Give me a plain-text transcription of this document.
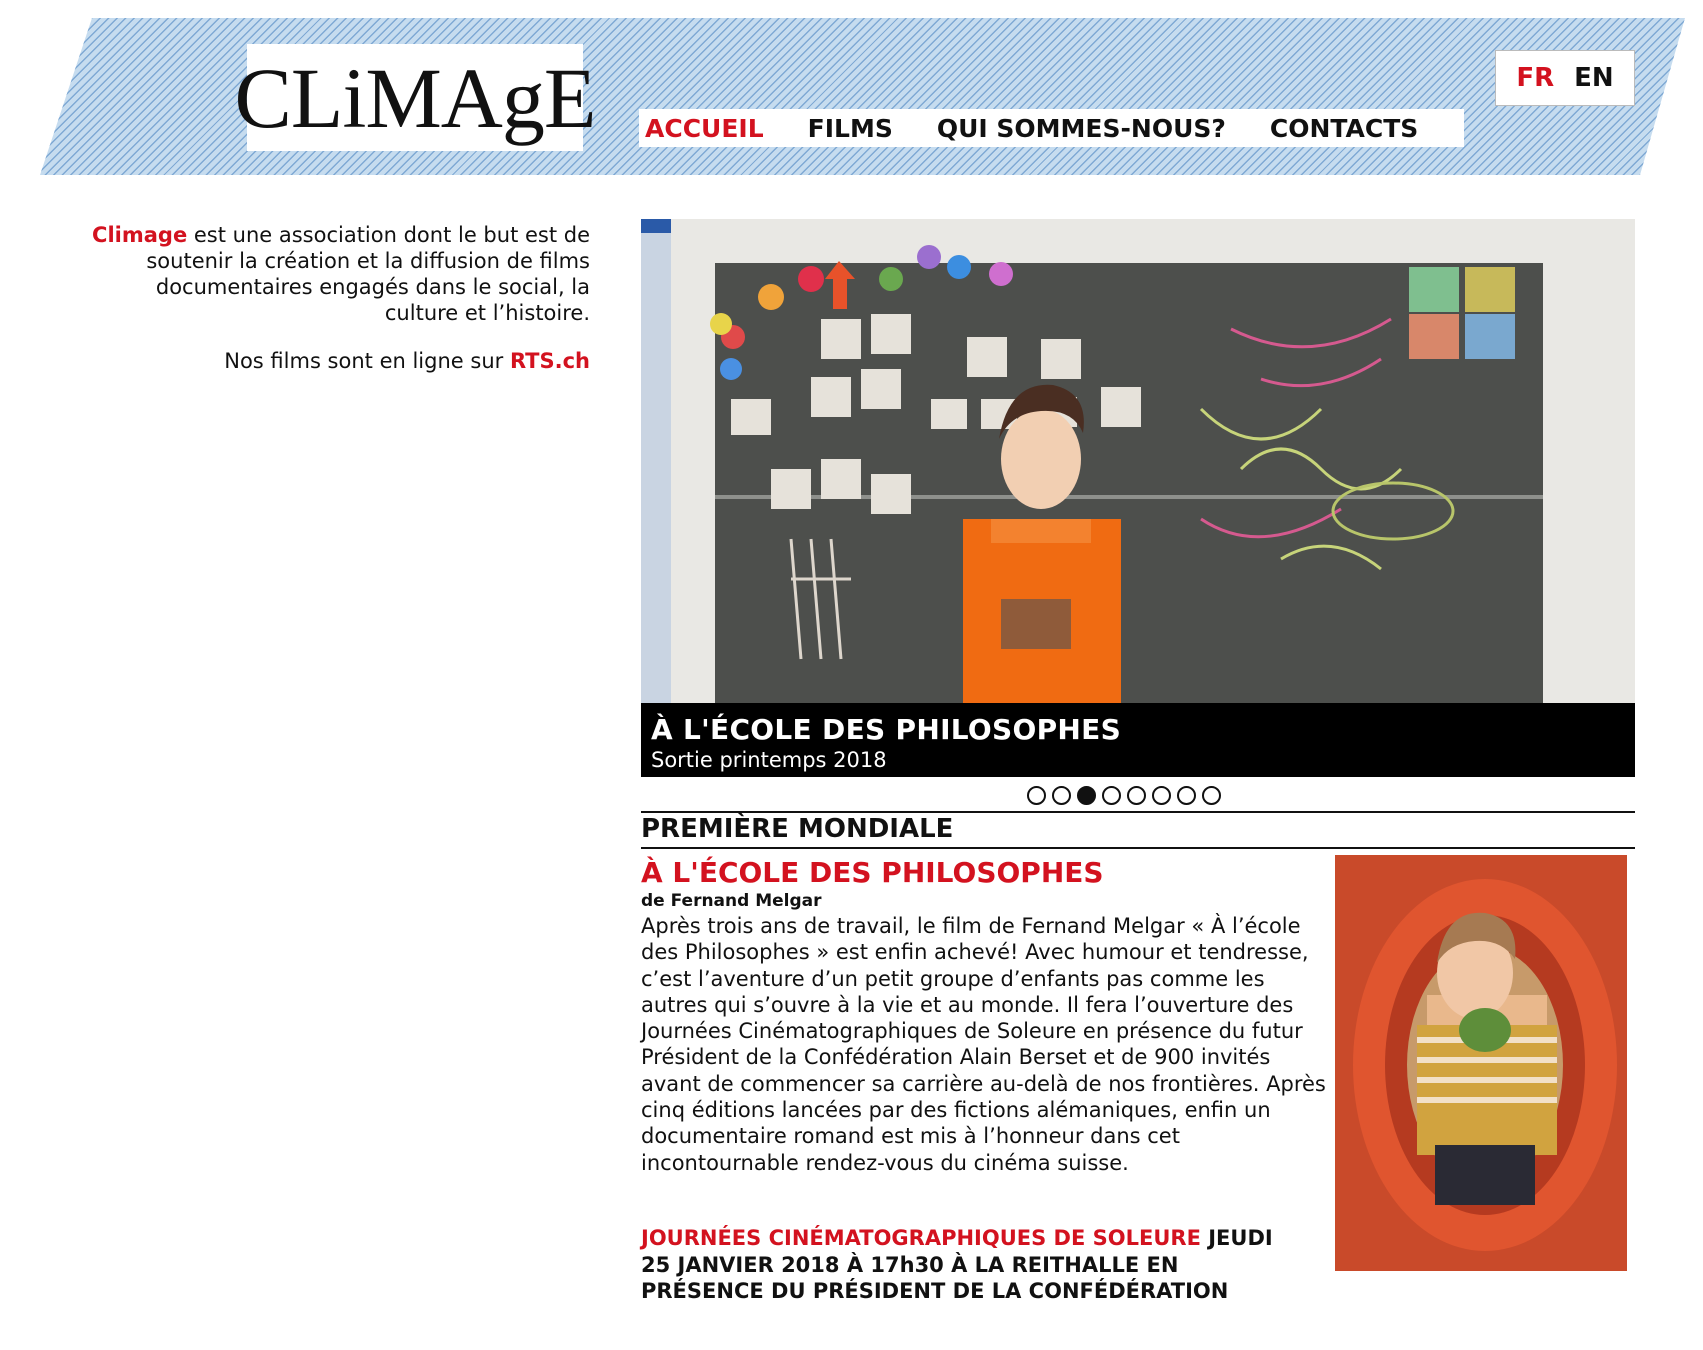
CLiMAgE ACCUEIL FILMS QUI SOMMES-NOUS? CONTACTS
FR EN

Climage est une association dont le but est de soutenir la création et la diffusion de films documentaires engagés dans le social, la culture et l’histoire.

Nos films sont en ligne sur RTS.ch

À L'ÉCOLE DES PHILOSOPHES
Sortie printemps 2018
PREMIÈRE MONDIALE
À L'ÉCOLE DES PHILOSOPHES
de Fernand Melgar

Après trois ans de travail, le film de Fernand Melgar « À l’école des Philosophes » est enfin achevé! Avec humour et tendresse, c’est l’aventure d’un petit groupe d’enfants pas comme les autres qui s’ouvre à la vie et au monde. Il fera l’ouverture des Journées Cinématographiques de Soleure en présence du futur Président de la Confédération Alain Berset et de 900 invités avant de commencer sa carrière au-delà de nos frontières. Après cinq éditions lancées par des fictions alémaniques, enfin un documentaire romand est mis à l’honneur dans cet incontournable rendez-vous du cinéma suisse.

JOURNÉES CINÉMATOGRAPHIQUES DE SOLEURE JEUDI 25 JANVIER 2018 À 17h30 À LA REITHALLE EN PRÉSENCE DU PRÉSIDENT DE LA CONFÉDÉRATION
